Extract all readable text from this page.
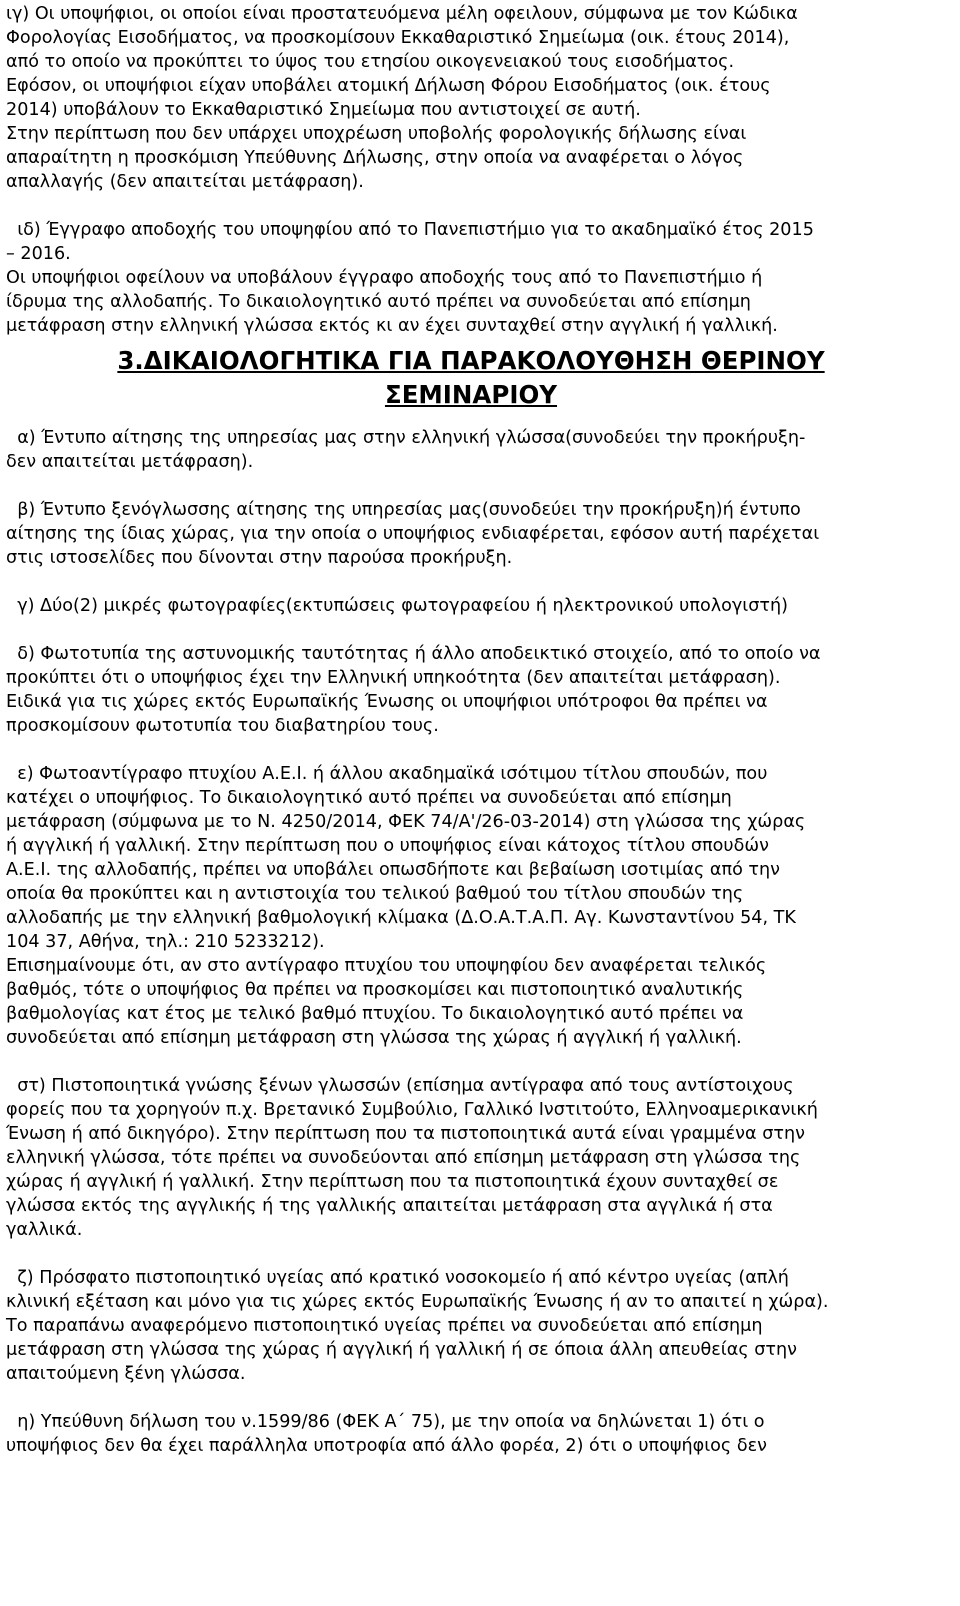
ιγ) Οι υποψήφιοι, οι οποίοι είναι προστατευόμενα μέλη οφειλουν, σύμφωνα με τον Κώδικα
Φορολογίας Εισοδήματος, να προσκομίσουν Εκκαθαριστικό Σημείωμα (οικ. έτους 2014),
από το οποίο να προκύπτει το ύψος του ετησίου οικογενειακού τους εισοδήματος.
Εφόσον, οι υποψήφιοι είχαν υποβάλει ατομική Δήλωση Φόρου Εισοδήματος (οικ. έτους
2014) υποβάλουν το Εκκαθαριστικό Σημείωμα που αντιστοιχεί σε αυτή.
Στην περίπτωση που δεν υπάρχει υποχρέωση υποβολής φορολογικής δήλωσης είναι
απαραίτητη η προσκόμιση Υπεύθυνης Δήλωσης, στην οποία να αναφέρεται ο λόγος
απαλλαγής (δεν απαιτείται μετάφραση).

ιδ) Έγγραφο αποδοχής του υποψηφίου από το Πανεπιστήμιο για το ακαδημαϊκό έτος 2015
– 2016.
Οι υποψήφιοι οφείλουν να υποβάλουν έγγραφο αποδοχής τους από το Πανεπιστήμιο ή
ίδρυμα της αλλοδαπής. Το δικαιολογητικό αυτό πρέπει να συνοδεύεται από επίσημη
μετάφραση στην ελληνική γλώσσα εκτός κι αν έχει συνταχθεί στην αγγλική ή γαλλική.

3.ΔΙΚΑΙΟΛΟΓΗΤΙΚΑ ΓΙΑ ΠΑΡΑΚΟΛΟΥΘΗΣΗ ΘΕΡΙΝΟΥ
ΣΕΜΙΝΑΡΙΟΥ

α) Έντυπο αίτησης της υπηρεσίας μας στην ελληνική γλώσσα(συνοδεύει την προκήρυξη-
δεν απαιτείται μετάφραση).

β) Έντυπο ξενόγλωσσης αίτησης της υπηρεσίας μας(συνοδεύει την προκήρυξη)ή έντυπο
αίτησης της ίδιας χώρας, για την οποία ο υποψήφιος ενδιαφέρεται, εφόσον αυτή παρέχεται
στις ιστοσελίδες που δίνονται στην παρούσα προκήρυξη.

γ) Δύο(2) μικρές φωτογραφίες(εκτυπώσεις φωτογραφείου ή ηλεκτρονικού υπολογιστή)

δ) Φωτοτυπία της αστυνομικής ταυτότητας ή άλλο αποδεικτικό στοιχείο, από το οποίο να
προκύπτει ότι ο υποψήφιος έχει την Ελληνική υπηκοότητα (δεν απαιτείται μετάφραση).
Ειδικά για τις χώρες εκτός Ευρωπαϊκής Ένωσης οι υποψήφιοι υπότροφοι θα πρέπει να
προσκομίσουν φωτοτυπία του διαβατηρίου τους.

ε) Φωτοαντίγραφο πτυχίου Α.Ε.Ι. ή άλλου ακαδημαϊκά ισότιμου τίτλου σπουδών, που
κατέχει ο υποψήφιος. Το δικαιολογητικό αυτό πρέπει να συνοδεύεται από επίσημη
μετάφραση (σύμφωνα με το Ν. 4250/2014, ΦΕΚ 74/Α'/26-03-2014) στη γλώσσα της χώρας
ή αγγλική ή γαλλική. Στην περίπτωση που ο υποψήφιος είναι κάτοχος τίτλου σπουδών
Α.Ε.Ι. της αλλοδαπής, πρέπει να υποβάλει οπωσδήποτε και βεβαίωση ισοτιμίας από την
οποία θα προκύπτει και η αντιστοιχία του τελικού βαθμού του τίτλου σπουδών της
αλλοδαπής με την ελληνική βαθμολογική κλίμακα (Δ.Ο.Α.Τ.Α.Π. Αγ. Κωνσταντίνου 54, ΤΚ
104 37, Αθήνα, τηλ.: 210 5233212).
Επισημαίνουμε ότι, αν στο αντίγραφο πτυχίου του υποψηφίου δεν αναφέρεται τελικός
βαθμός, τότε ο υποψήφιος θα πρέπει να προσκομίσει και πιστοποιητικό αναλυτικής
βαθμολογίας κατ έτος με τελικό βαθμό πτυχίου. Το δικαιολογητικό αυτό πρέπει να
συνοδεύεται από επίσημη μετάφραση στη γλώσσα της χώρας ή αγγλική ή γαλλική.

στ) Πιστοποιητικά γνώσης ξένων γλωσσών (επίσημα αντίγραφα από τους αντίστοιχους
φορείς που τα χορηγούν π.χ. Βρετανικό Συμβούλιο, Γαλλικό Ινστιτούτο, Ελληνοαμερικανική
Ένωση ή από δικηγόρο). Στην περίπτωση που τα πιστοποιητικά αυτά είναι γραμμένα στην
ελληνική γλώσσα, τότε πρέπει να συνοδεύονται από επίσημη μετάφραση στη γλώσσα της
χώρας ή αγγλική ή γαλλική. Στην περίπτωση που τα πιστοποιητικά έχουν συνταχθεί σε
γλώσσα εκτός της αγγλικής ή της γαλλικής απαιτείται μετάφραση στα αγγλικά ή στα
γαλλικά.

ζ) Πρόσφατο πιστοποιητικό υγείας από κρατικό νοσοκομείο ή από κέντρο υγείας (απλή
κλινική εξέταση και μόνο για τις χώρες εκτός Ευρωπαϊκής Ένωσης ή αν το απαιτεί η χώρα).
Το παραπάνω αναφερόμενο πιστοποιητικό υγείας πρέπει να συνοδεύεται από επίσημη
μετάφραση στη γλώσσα της χώρας ή αγγλική ή γαλλική ή σε όποια άλλη απευθείας στην
απαιτούμενη ξένη γλώσσα.

η) Υπεύθυνη δήλωση του ν.1599/86 (ΦΕΚ Α΄ 75), με την οποία να δηλώνεται 1) ότι ο
υποψήφιος δεν θα έχει παράλληλα υποτροφία από άλλο φορέα, 2) ότι ο υποψήφιος δεν
